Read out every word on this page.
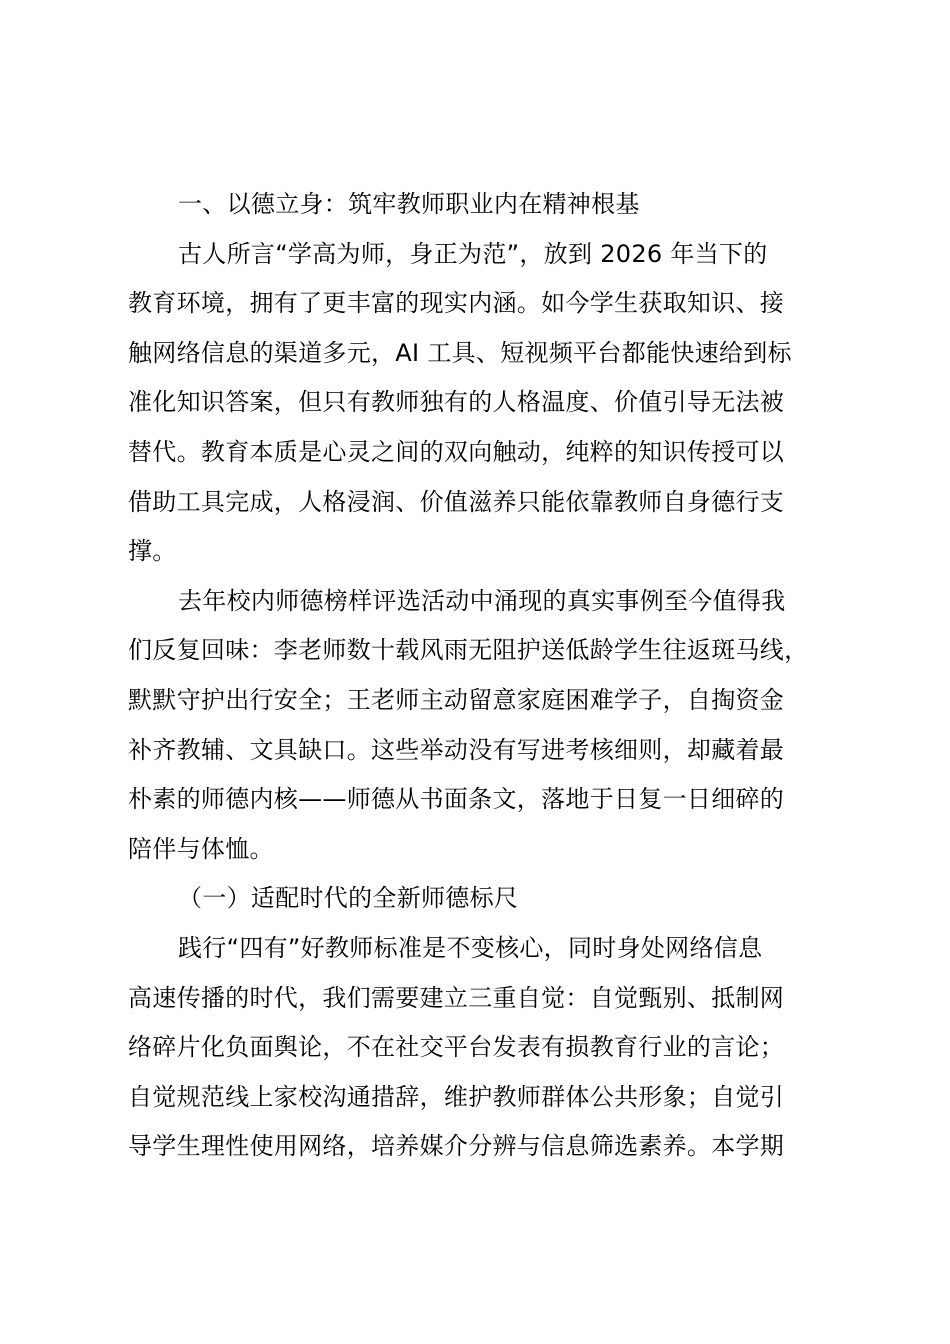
一、以德立身：筑牢教师职业内在精神根基
古人所言“学高为师，身正为范”，放到 2026 年当下的
教育环境，拥有了更丰富的现实内涵。如今学生获取知识、接
触网络信息的渠道多元，AI 工具、短视频平台都能快速给到标
准化知识答案，但只有教师独有的人格温度、价值引导无法被
替代。教育本质是心灵之间的双向触动，纯粹的知识传授可以
借助工具完成，人格浸润、价值滋养只能依靠教师自身德行支
撑。
去年校内师德榜样评选活动中涌现的真实事例至今值得我
们反复回味：李老师数十载风雨无阻护送低龄学生往返斑马线，
默默守护出行安全；王老师主动留意家庭困难学子，自掏资金
补齐教辅、文具缺口。这些举动没有写进考核细则，却藏着最
朴素的师德内核——师德从书面条文，落地于日复一日细碎的
陪伴与体恤。
（一）适配时代的全新师德标尺
践行“四有”好教师标准是不变核心，同时身处网络信息
高速传播的时代，我们需要建立三重自觉：自觉甄别、抵制网
络碎片化负面舆论，不在社交平台发表有损教育行业的言论；
自觉规范线上家校沟通措辞，维护教师群体公共形象；自觉引
导学生理性使用网络，培养媒介分辨与信息筛选素养。本学期
